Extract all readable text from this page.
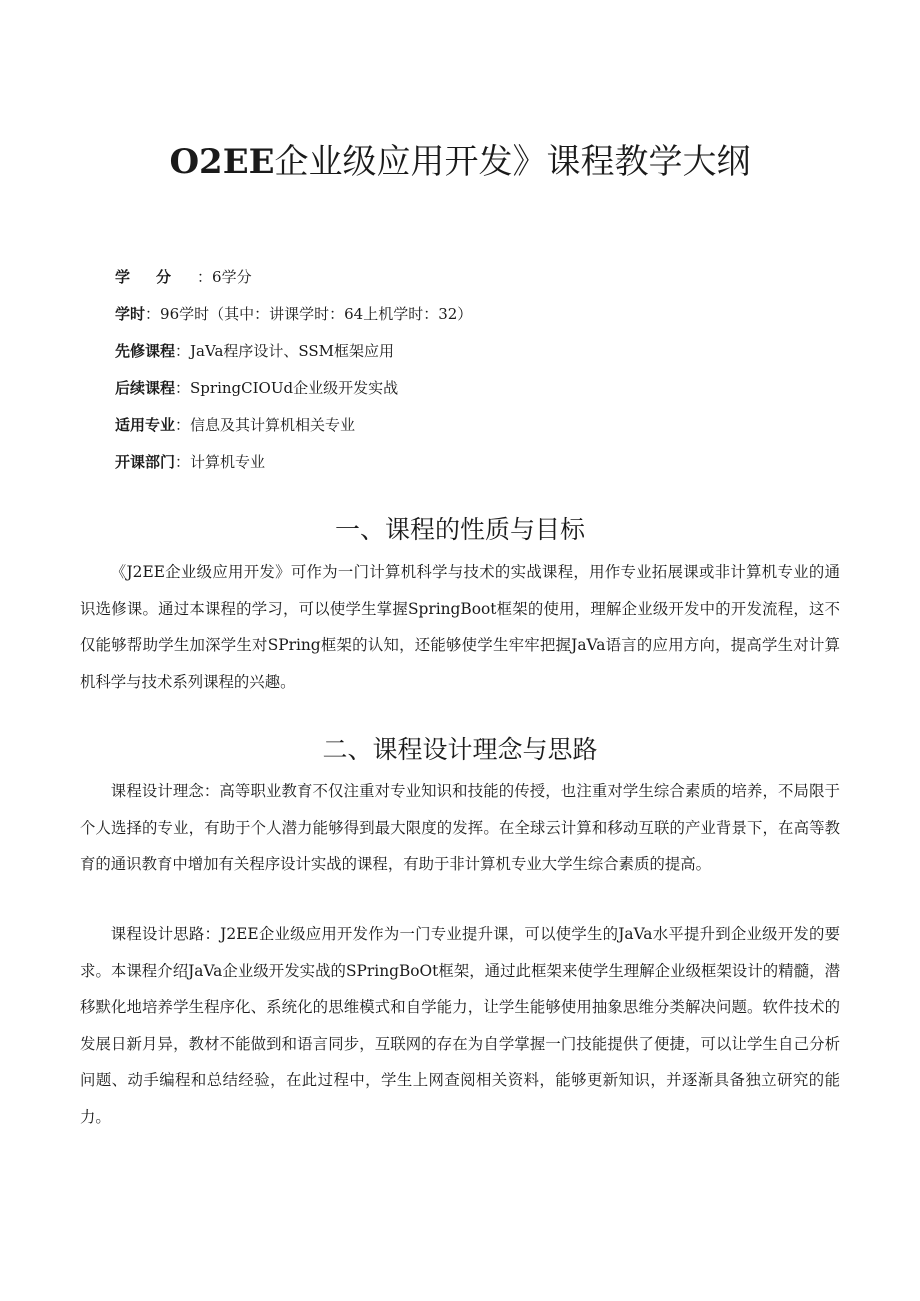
O2EE企业级应用开发》课程教学大纲
学分：6学分
学时：96学时（其中：讲课学时：64上机学时：32）
先修课程：JaVa程序设计、SSM框架应用
后续课程：SpringCIOUd企业级开发实战
适用专业：信息及其计算机相关专业
开课部门：计算机专业
一、课程的性质与目标

《J2EE企业级应用开发》可作为一门计算机科学与技术的实战课程，用作专业拓展课或非计算机专业的通识选修课。通过本课程的学习，可以使学生掌握SpringBoot框架的使用，理解企业级开发中的开发流程，这不仅能够帮助学生加深学生对SPring框架的认知，还能够使学生牢牢把握JaVa语言的应用方向，提高学生对计算机科学与技术系列课程的兴趣。

二、课程设计理念与思路

课程设计理念：高等职业教育不仅注重对专业知识和技能的传授，也注重对学生综合素质的培养，不局限于个人选择的专业，有助于个人潜力能够得到最大限度的发挥。在全球云计算和移动互联的产业背景下，在高等教育的通识教育中增加有关程序设计实战的课程，有助于非计算机专业大学生综合素质的提高。

课程设计思路：J2EE企业级应用开发作为一门专业提升课，可以使学生的JaVa水平提升到企业级开发的要求。本课程介绍JaVa企业级开发实战的SPringBoOt框架，通过此框架来使学生理解企业级框架设计的精髓，潜移默化地培养学生程序化、系统化的思维模式和自学能力，让学生能够使用抽象思维分类解决问题。软件技术的发展日新月异，教材不能做到和语言同步，互联网的存在为自学掌握一门技能提供了便捷，可以让学生自己分析问题、动手编程和总结经验，在此过程中，学生上网查阅相关资料，能够更新知识，并逐渐具备独立研究的能力。
